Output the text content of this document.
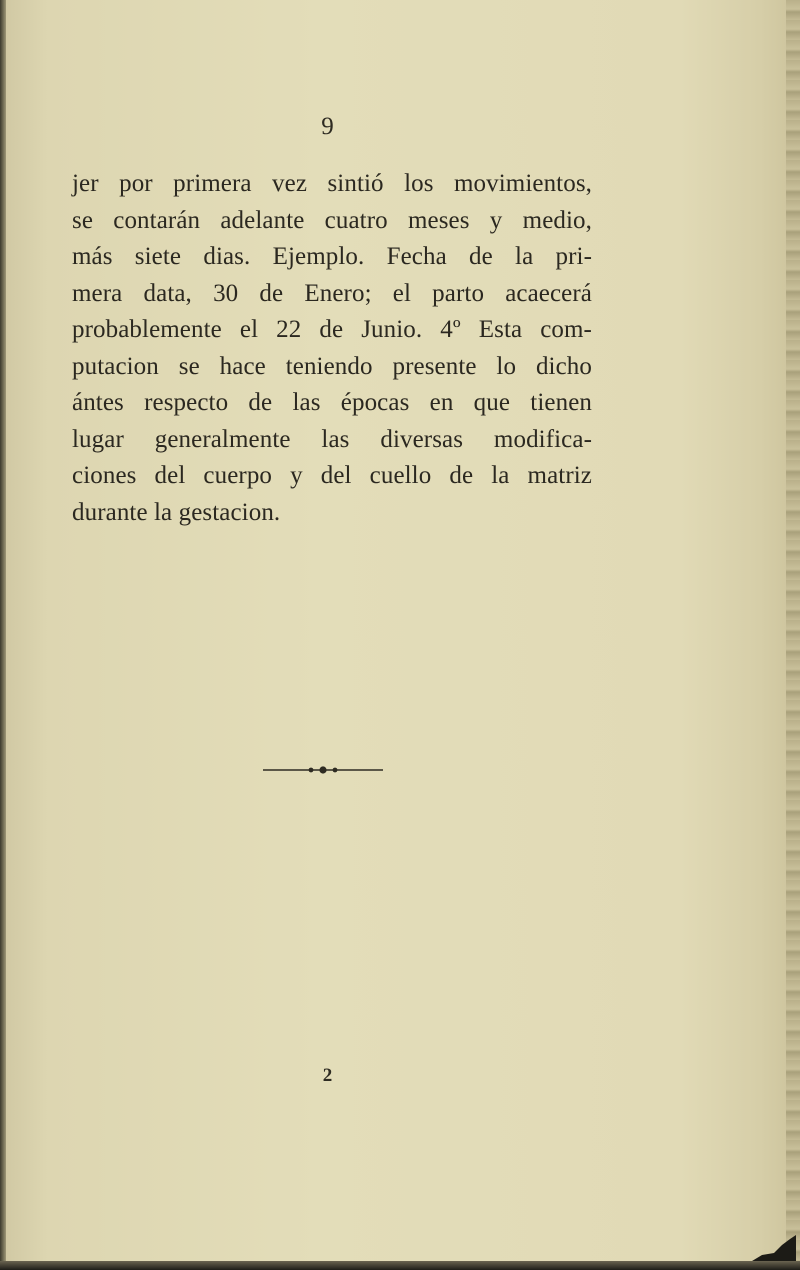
9

jer por primera vez sintió los movimientos,
se contarán adelante cuatro meses y medio,
más siete dias. Ejemplo. Fecha de la pri-
mera data, 30 de Enero; el parto acaecerá
probablemente el 22 de Junio. 4º Esta com-
putacion se hace teniendo presente lo dicho
ántes respecto de las épocas en que tienen
lugar generalmente las diversas modifica-
ciones del cuerpo y del cuello de la matriz
durante la gestacion.

2
